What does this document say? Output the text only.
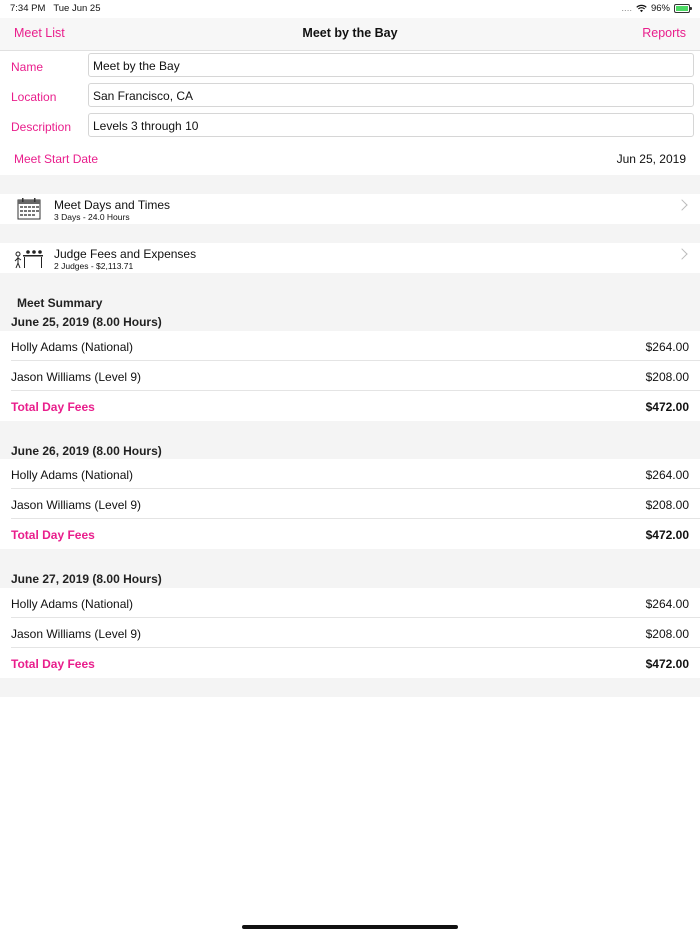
7:34 PM Tue Jun 25	.... 96%
Meet List	Meet by the Bay	Reports
Name	Meet by the Bay
Location	San Francisco, CA
Description	Levels 3 through 10
Meet Start Date	Jun 25, 2019
Meet Days and Times
3 Days - 24.0 Hours
Judge Fees and Expenses
2 Judges - $2,113.71
Meet Summary
June 25, 2019 (8.00 Hours)
Holly Adams (National)	$264.00
Jason Williams (Level 9)	$208.00
Total Day Fees	$472.00
June 26, 2019 (8.00 Hours)
Holly Adams (National)	$264.00
Jason Williams (Level 9)	$208.00
Total Day Fees	$472.00
June 27, 2019 (8.00 Hours)
Holly Adams (National)	$264.00
Jason Williams (Level 9)	$208.00
Total Day Fees	$472.00
